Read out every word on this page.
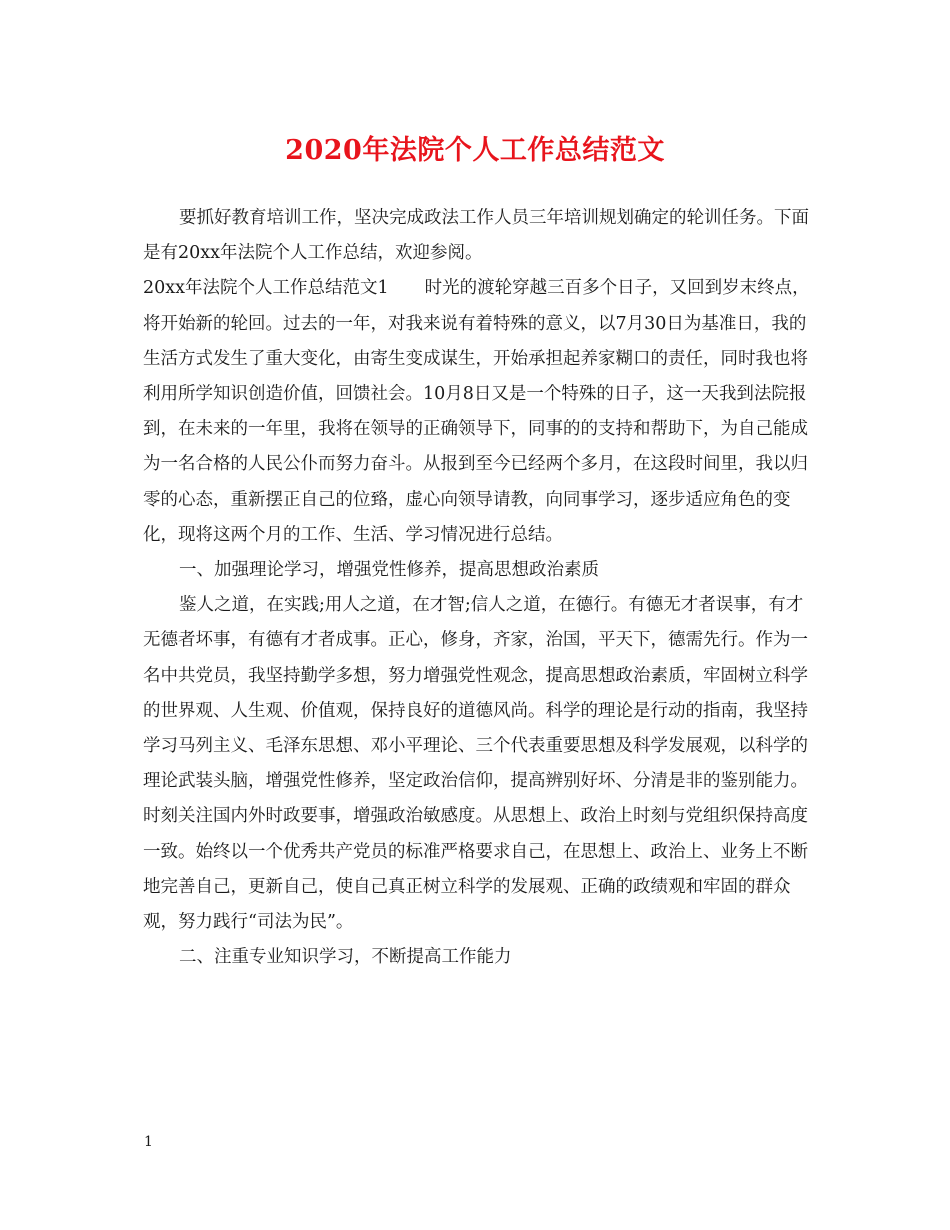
2020年法院个人工作总结范文

要抓好教育培训工作，坚决完成政法工作人员三年培训规划确定的轮训任务。下面是有20xx年法院个人工作总结，欢迎参阅。

20xx年法院个人工作总结范文1 时光的渡轮穿越三百多个日子，又回到岁末终点，将开始新的轮回。过去的一年，对我来说有着特殊的意义，以7月30日为基准日，我的生活方式发生了重大变化，由寄生变成谋生，开始承担起养家糊口的责任，同时我也将利用所学知识创造价值，回馈社会。10月8日又是一个特殊的日子，这一天我到法院报到，在未来的一年里，我将在领导的正确领导下，同事的的支持和帮助下，为自己能成为一名合格的人民公仆而努力奋斗。从报到至今已经两个多月，在这段时间里，我以归零的心态，重新摆正自己的位臵，虚心向领导请教，向同事学习，逐步适应角色的变化，现将这两个月的工作、生活、学习情况进行总结。

一、加强理论学习，增强党性修养，提高思想政治素质

鉴人之道，在实践;用人之道，在才智;信人之道，在德行。有德无才者误事，有才无德者坏事，有德有才者成事。正心，修身，齐家，治国，平天下，德需先行。作为一名中共党员，我坚持勤学多想，努力增强党性观念，提高思想政治素质，牢固树立科学的世界观、人生观、价值观，保持良好的道德风尚。科学的理论是行动的指南，我坚持学习马列主义、毛泽东思想、邓小平理论、三个代表重要思想及科学发展观，以科学的理论武装头脑，增强党性修养，坚定政治信仰，提高辨别好坏、分清是非的鉴别能力。时刻关注国内外时政要事，增强政治敏感度。从思想上、政治上时刻与党组织保持高度一致。始终以一个优秀共产党员的标准严格要求自己，在思想上、政治上、业务上不断地完善自己，更新自己，使自己真正树立科学的发展观、正确的政绩观和牢固的群众观，努力践行“司法为民”。

二、注重专业知识学习，不断提高工作能力

1
